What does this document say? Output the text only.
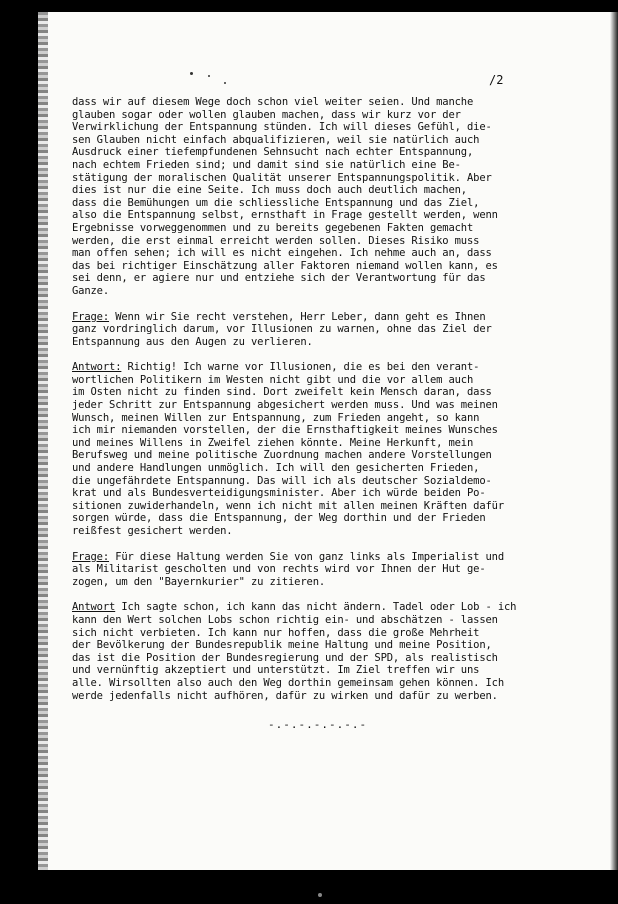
/2
dass wir auf diesem Wege doch schon viel weiter seien. Und manche
glauben sogar oder wollen glauben machen, dass wir kurz vor der
Verwirklichung der Entspannung stünden. Ich will dieses Gefühl, die-
sen Glauben nicht einfach abqualifizieren, weil sie natürlich auch
Ausdruck einer tiefempfundenen Sehnsucht nach echter Entspannung,
nach echtem Frieden sind; und damit sind sie natürlich eine Be-
stätigung der moralischen Qualität unserer Entspannungspolitik. Aber
dies ist nur die eine Seite. Ich muss doch auch deutlich machen,
dass die Bemühungen um die schliessliche Entspannung und das Ziel,
also die Entspannung selbst, ernsthaft in Frage gestellt werden, wenn
Ergebnisse vorweggenommen und zu bereits gegebenen Fakten gemacht
werden, die erst einmal erreicht werden sollen. Dieses Risiko muss
man offen sehen; ich will es nicht eingehen. Ich nehme auch an, dass
das bei richtiger Einschätzung aller Faktoren niemand wollen kann, es
sei denn, er agiere nur und entziehe sich der Verantwortung für das
Ganze.
Frage: Wenn wir Sie recht verstehen, Herr Leber, dann geht es Ihnen
ganz vordringlich darum, vor Illusionen zu warnen, ohne das Ziel der
Entspannung aus den Augen zu verlieren.
Antwort: Richtig! Ich warne vor Illusionen, die es bei den verant-
wortlichen Politikern im Westen nicht gibt und die vor allem auch
im Osten nicht zu finden sind. Dort zweifelt kein Mensch daran, dass
jeder Schritt zur Entspannung abgesichert werden muss. Und was meinen
Wunsch, meinen Willen zur Entspannung, zum Frieden angeht, so kann
ich mir niemanden vorstellen, der die Ernsthaftigkeit meines Wunsches
und meines Willens in Zweifel ziehen könnte. Meine Herkunft, mein
Berufsweg und meine politische Zuordnung machen andere Vorstellungen
und andere Handlungen unmöglich. Ich will den gesicherten Frieden,
die ungefährdete Entspannung. Das will ich als deutscher Sozialdemo-
krat und als Bundesverteidigungsminister. Aber ich würde beiden Po-
sitionen zuwiderhandeln, wenn ich nicht mit allen meinen Kräften dafür
sorgen würde, dass die Entspannung, der Weg dorthin und der Frieden
reißfest gesichert werden.
Frage: Für diese Haltung werden Sie von ganz links als Imperialist und
als Militarist gescholten und von rechts wird vor Ihnen der Hut ge-
zogen, um den "Bayernkurier" zu zitieren.
Antwort Ich sagte schon, ich kann das nicht ändern. Tadel oder Lob - ich
kann den Wert solchen Lobs schon richtig ein- und abschätzen - lassen
sich nicht verbieten. Ich kann nur hoffen, dass die große Mehrheit
der Bevölkerung der Bundesrepublik meine Haltung und meine Position,
das ist die Position der Bundesregierung und der SPD, als realistisch
und vernünftig akzeptiert und unterstützt. Im Ziel treffen wir uns
alle. Wirsollten also auch den Weg dorthin gemeinsam gehen können. Ich
werde jedenfalls nicht aufhören, dafür zu wirken und dafür zu werben.
-.-.-.-.-.-.-
